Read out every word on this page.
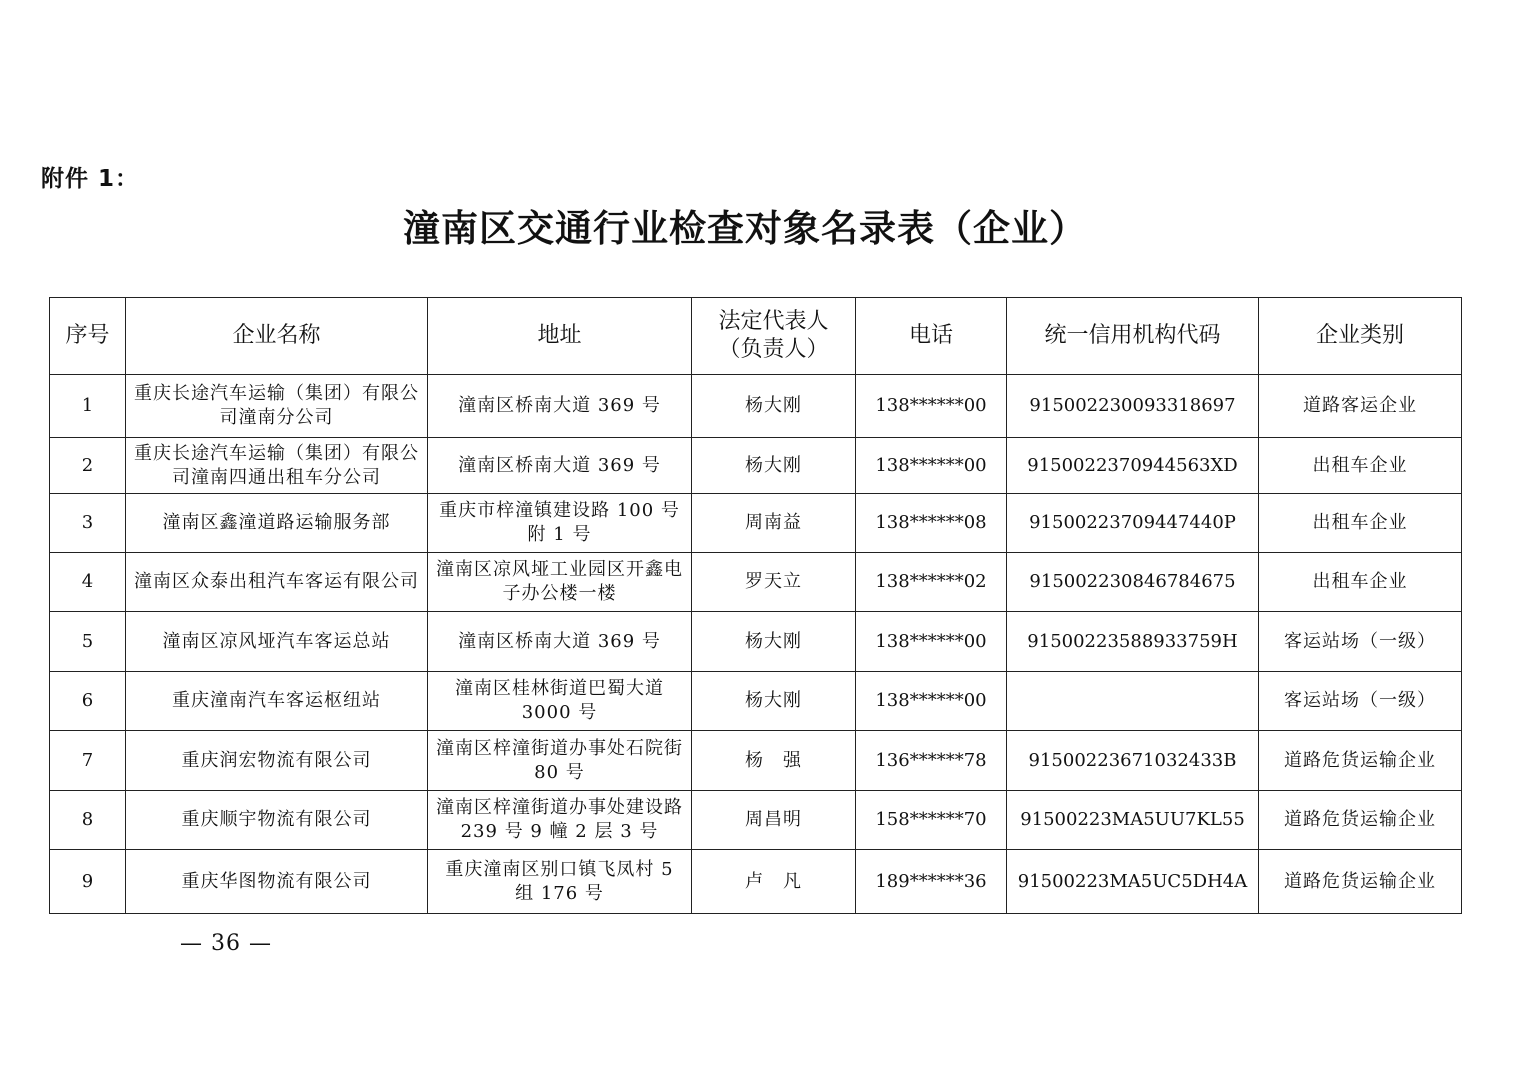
附件 1：
潼南区交通行业检查对象名录表（企业）
序号	企业名称	地址	法定代表人（负责人）	电话	统一信用机构代码	企业类别
1	重庆长途汽车运输（集团）有限公司潼南分公司	潼南区桥南大道 369 号	杨大刚	138******00	915002230093318697	道路客运企业
2	重庆长途汽车运输（集团）有限公司潼南四通出租车分公司	潼南区桥南大道 369 号	杨大刚	138******00	9150022370944563XD	出租车企业
3	潼南区鑫潼道路运输服务部	重庆市梓潼镇建设路 100 号附 1 号	周南益	138******08	91500223709447440P	出租车企业
4	潼南区众泰出租汽车客运有限公司	潼南区凉风垭工业园区开鑫电子办公楼一楼	罗天立	138******02	915002230846784675	出租车企业
5	潼南区凉风垭汽车客运总站	潼南区桥南大道 369 号	杨大刚	138******00	91500223588933759H	客运站场（一级）
6	重庆潼南汽车客运枢纽站	潼南区桂林街道巴蜀大道 3000 号	杨大刚	138******00		客运站场（一级）
7	重庆润宏物流有限公司	潼南区梓潼街道办事处石院街 80 号	杨　强	136******78	91500223671032433B	道路危货运输企业
8	重庆顺宇物流有限公司	潼南区梓潼街道办事处建设路 239 号 9 幢 2 层 3 号	周昌明	158******70	91500223MA5UU7KL55	道路危货运输企业
9	重庆华图物流有限公司	重庆潼南区别口镇飞凤村 5 组 176 号	卢　凡	189******36	91500223MA5UC5DH4A	道路危货运输企业
— 36 —
